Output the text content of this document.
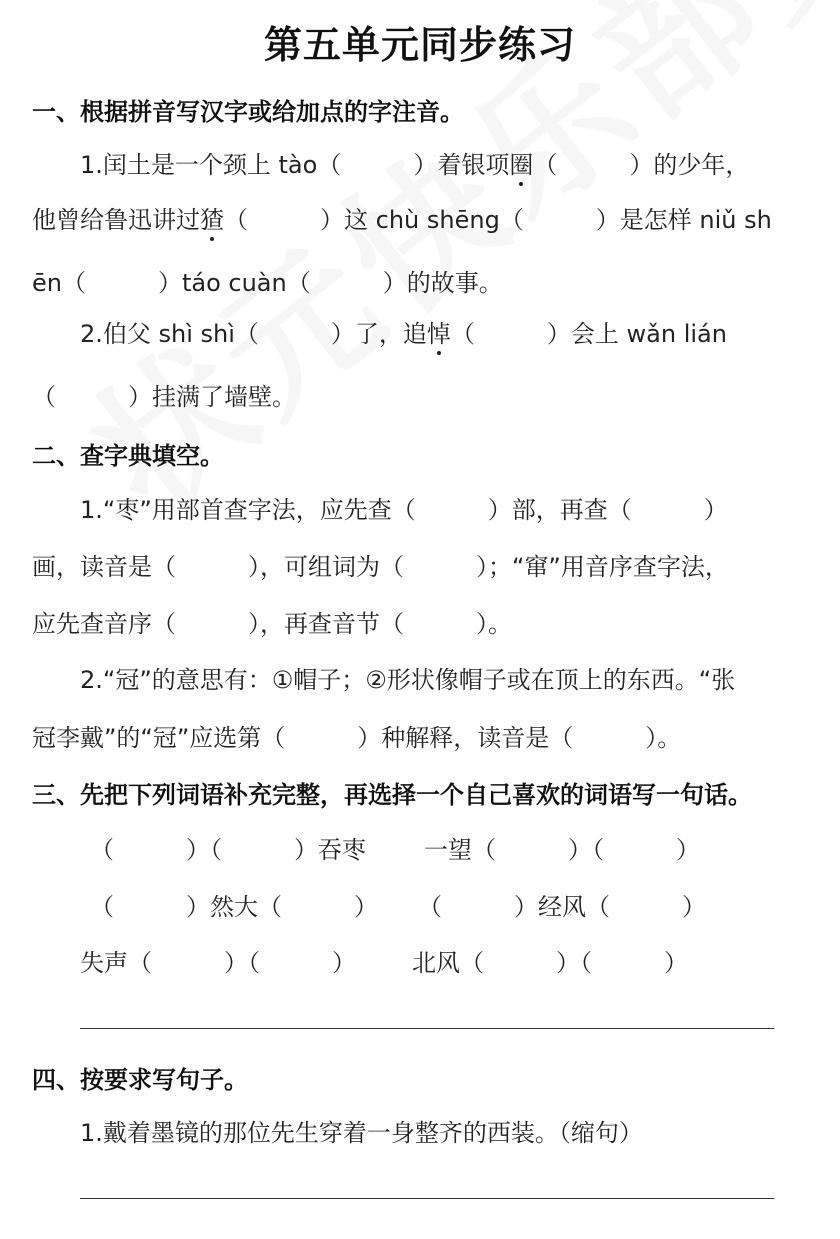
第五单元同步练习
一、根据拼音写汉字或给加点的字注音。
1.闰土是一个颈上 tào（　　　）着银项圈（　　　）的少年，
他曾给鲁迅讲过猹（　　　）这 chù shēng（　　　）是怎样 niǔ sh
ēn（　　　）táo cuàn（　　　）的故事。
2.伯父 shì shì（　　　）了，追悼（　　　）会上 wǎn lián
（　　　）挂满了墙壁。
二、查字典填空。
1.“枣”用部首查字法，应先查（　　　）部，再查（　　　）
画，读音是（　　　），可组词为（　　　）；“窜”用音序查字法，
应先查音序（　　　），再查音节（　　　）。
2.“冠”的意思有：①帽子；②形状像帽子或在顶上的东西。“张
冠李戴”的“冠”应选第（　　　）种解释，读音是（　　　）。
三、先把下列词语补充完整，再选择一个自己喜欢的词语写一句话。
（　　　）（　　　）吞枣 一望（　　　）（　　　）
（　　　）然大（　　　） （　　　）经风（　　　）
失声（　　　）（　　　） 北风（　　　）（　　　）
四、按要求写句子。
1.戴着墨镜的那位先生穿着一身整齐的西装。（缩句）
